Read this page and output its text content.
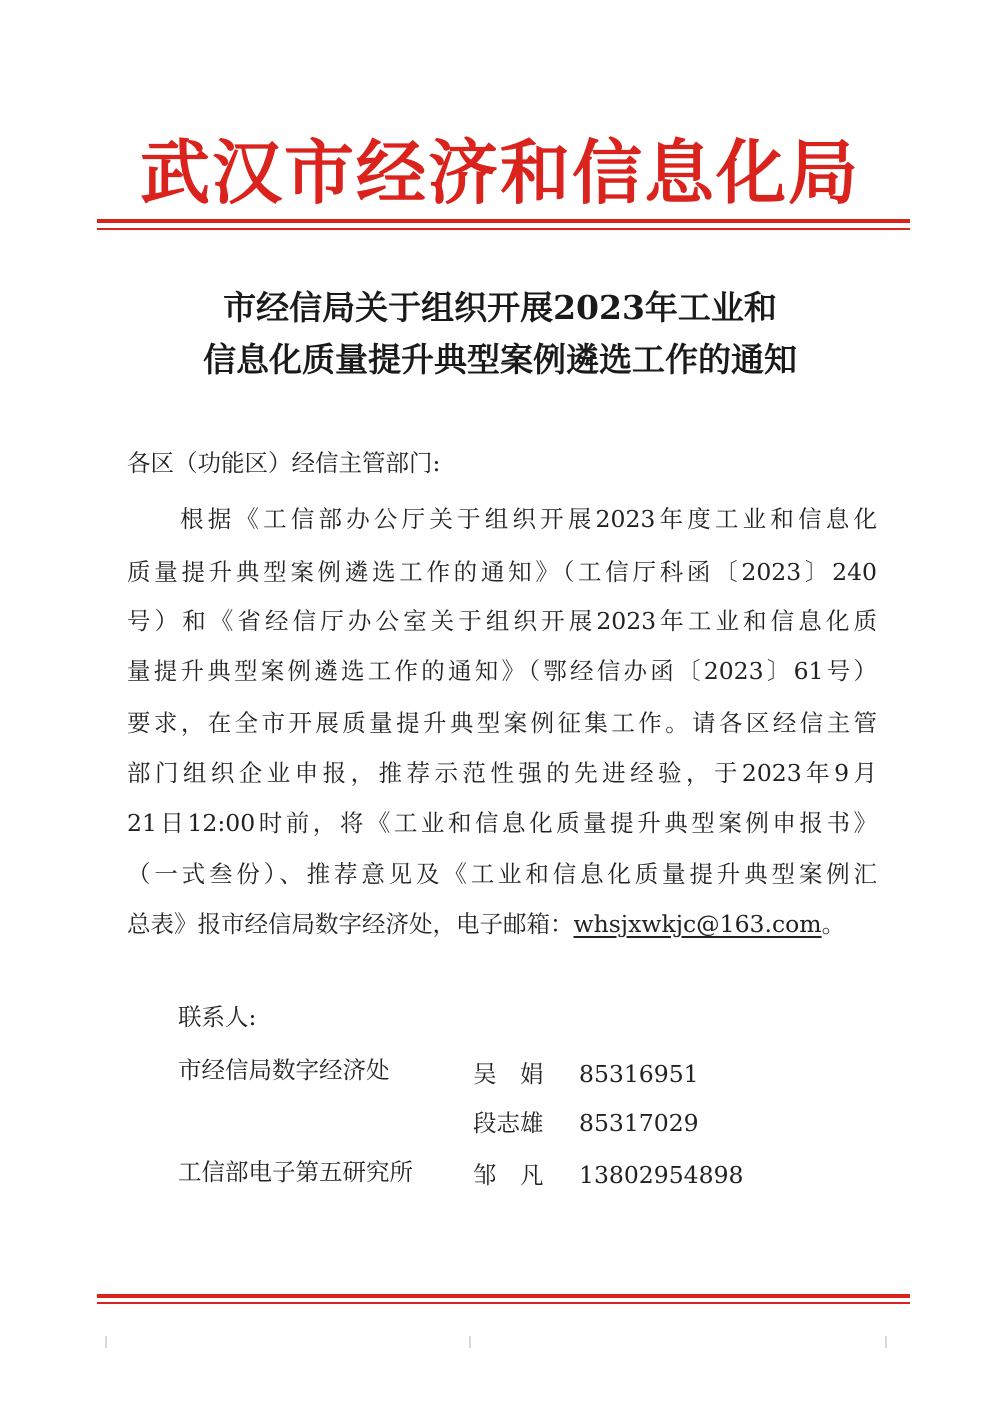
武汉市经济和信息化局
市经信局关于组织开展2023年工业和
信息化质量提升典型案例遴选工作的通知
各区（功能区）经信主管部门:
根据《工信部办公厅关于组织开展2023年度工业和信息化
质量提升典型案例遴选工作的通知》（工信厅科函〔2023〕240
号）和《省经信厅办公室关于组织开展2023年工业和信息化质
量提升典型案例遴选工作的通知》（鄂经信办函〔2023〕61号）
要求，在全市开展质量提升典型案例征集工作。请各区经信主管
部门组织企业申报，推荐示范性强的先进经验，于2023年9月
21日12:00时前，将《工业和信息化质量提升典型案例申报书》
（一式叁份）、推荐意见及《工业和信息化质量提升典型案例汇
总表》报市经信局数字经济处，电子邮箱：whsjxwkjc@163.com。
联系人:
市经信局数字经济处	吴　娟 85316951
段志雄 85317029
工信部电子第五研究所	邹　凡 13802954898
